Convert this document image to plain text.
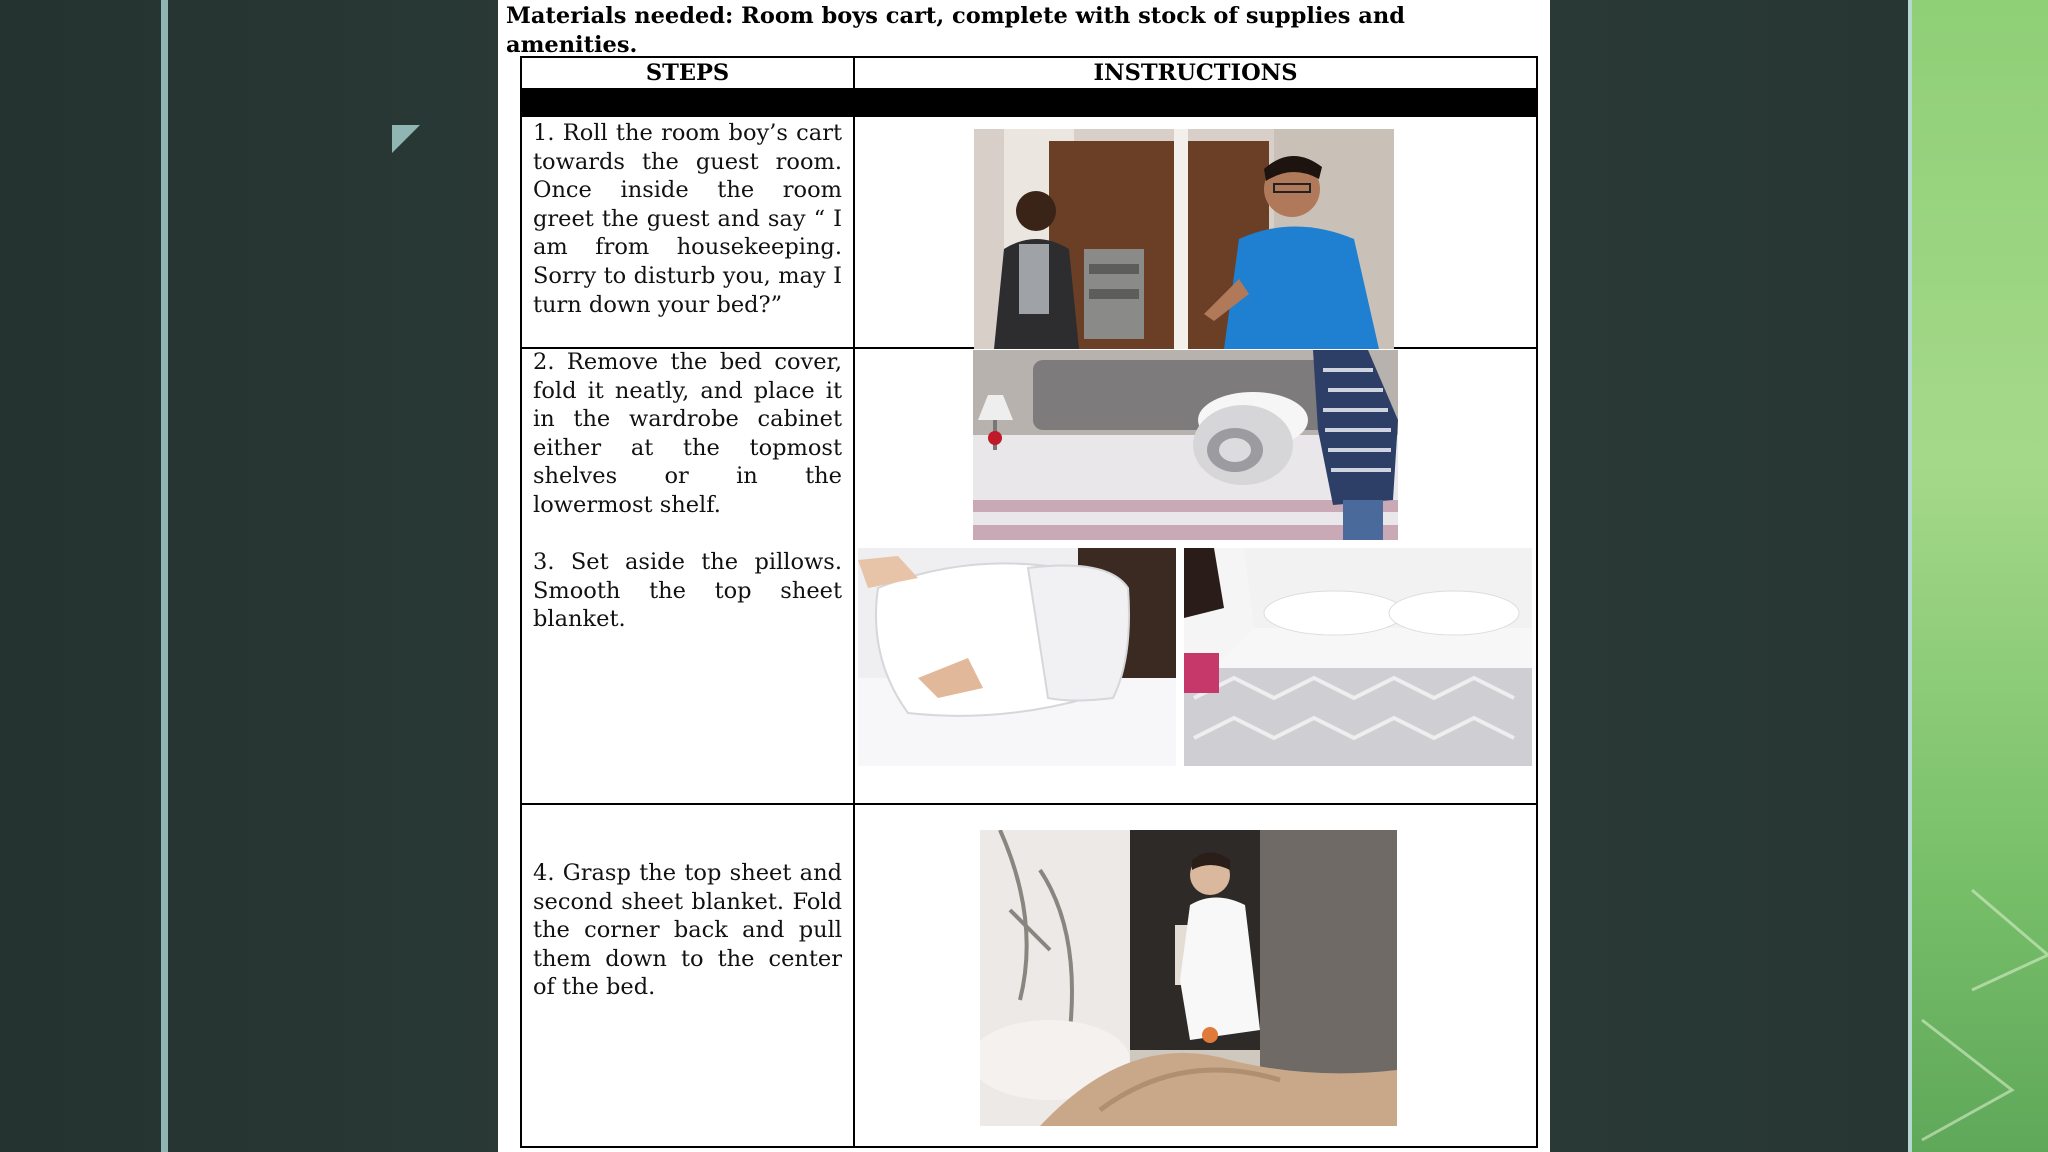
Materials needed: Room boys cart, complete with stock of supplies and amenities.
STEPS	INSTRUCTIONS
1. Roll the room boy’s cart towards the guest room. Once inside the room greet the guest and say “ I am from housekeeping. Sorry to disturb you, may I turn down your bed?”
2. Remove the bed cover, fold it neatly, and place it in the wardrobe cabinet either at the topmost shelves or in the lowermost shelf.
3. Set aside the pillows. Smooth the top sheet blanket.
4. Grasp the top sheet and second sheet blanket. Fold the corner back and pull them down to the center of the bed.
